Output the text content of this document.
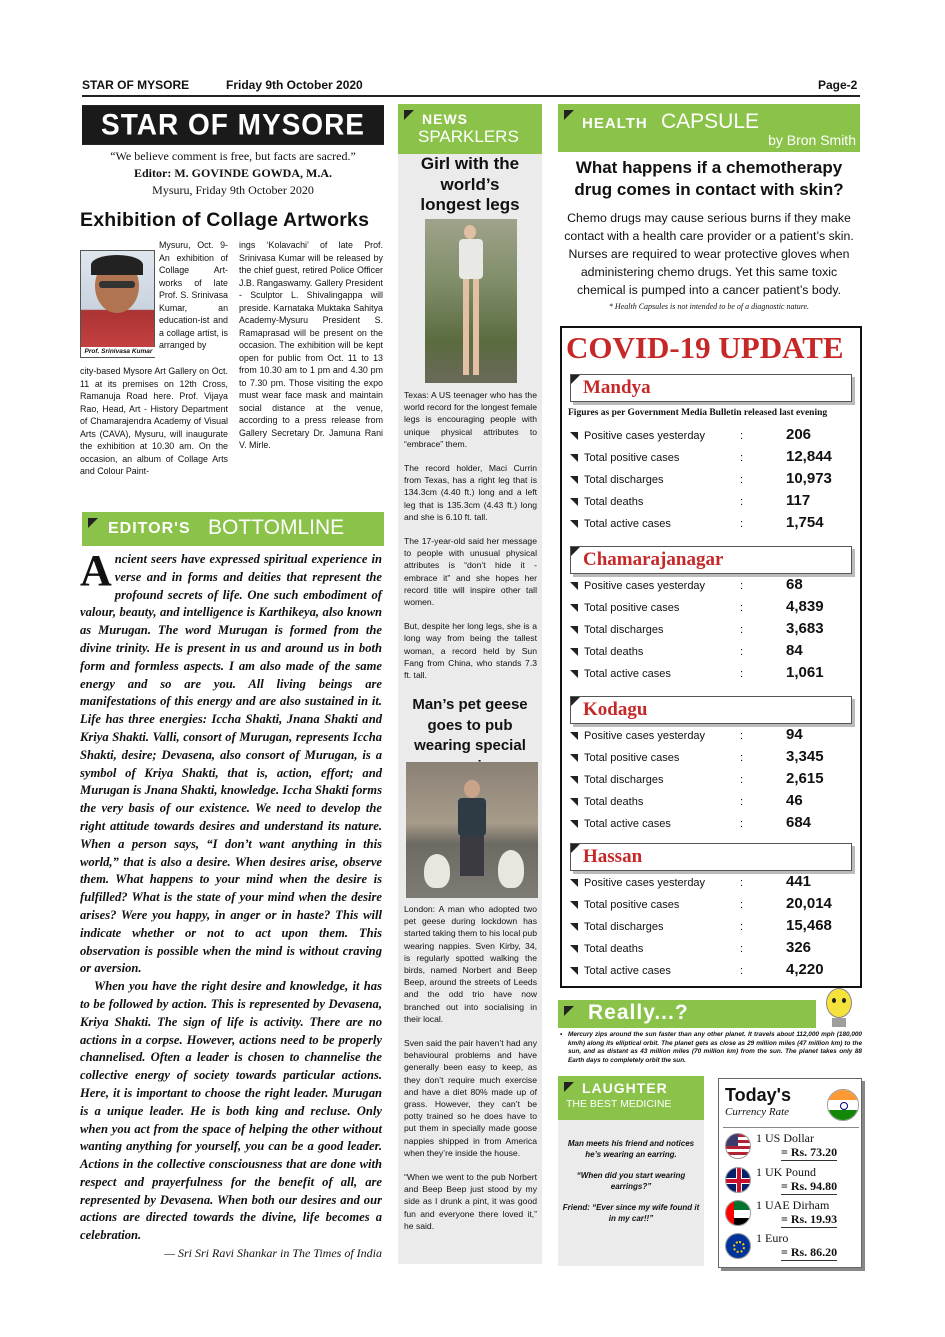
STAR OF MYSORE	Friday 9th October 2020	Page-2
STAR OF MYSORE
“We believe comment is free, but facts are sacred.”
Editor: M. GOVINDE GOWDA, M.A.
Mysuru, Friday 9th October 2020
Exhibition of Collage Artworks
Prof. Srinivasa Kumar
Mysuru, Oct. 9- An exhibition of Collage Art-works of late Prof. S. Srinivasa Kumar, an education-ist and a collage artist, is arranged by
city-based Mysore Art Gallery on Oct. 11 at its premises on 12th Cross, Ramanuja Road here. Prof. Vijaya Rao, Head, Art - History Department of Chamarajendra Academy of Visual Arts (CAVA), Mysuru, will inaugurate the exhibition at 10.30 am. On the occasion, an album of Collage Arts and Colour Paint-
ings ‘Kolavachi’ of late Prof. Srinivasa Kumar will be released by the chief guest, retired Police Officer J.B. Rangaswamy. Gallery President - Sculptor L. Shivalingappa will preside. Karnataka Muktaka Sahitya Academy-Mysuru President S. Ramaprasad will be present on the occasion. The exhibition will be kept open for public from Oct. 11 to 13 from 10.30 am to 1 pm and 4.30 pm to 7.30 pm. Those visiting the expo must wear face mask and maintain social distance at the venue, according to a press release from Gallery Secretary Dr. Jamuna Rani V. Mirle.
EDITOR'S BOTTOMLINE
Ancient seers have expressed spiritual experience in verse and in forms and deities that represent the profound secrets of life. One such embodiment of valour, beauty, and intelligence is Karthikeya, also known as Murugan. The word Murugan is formed from the divine trinity. He is present in us and around us in both form and formless aspects. I am also made of the same energy and so are you. All living beings are manifestations of this energy and are also sustained in it. Life has three energies: Iccha Shakti, Jnana Shakti and Kriya Shakti. Valli, consort of Murugan, represents Iccha Shakti, desire; Devasena, also consort of Murugan, is a symbol of Kriya Shakti, that is, action, effort; and Murugan is Jnana Shakti, knowledge. Iccha Shakti forms the very basis of our existence. We need to develop the right attitude towards desires and understand its nature. When a person says, “I don’t want anything in this world,” that is also a desire. When desires arise, observe them. What happens to your mind when the desire is fulfilled? What is the state of your mind when the desire arises? Were you happy, in anger or in haste? This will indicate whether or not to act upon them. This observation is possible when the mind is without craving or aversion.
When you have the right desire and knowledge, it has to be followed by action. This is represented by Devasena, Kriya Shakti. The sign of life is activity. There are no actions in a corpse. However, actions need to be properly channelised. Often a leader is chosen to channelise the collective energy of society towards particular actions. Here, it is important to choose the right leader. Murugan is a unique leader. He is both king and recluse. Only when you act from the space of helping the other without wanting anything for yourself, you can be a good leader. Actions in the collective consciousness that are done with respect and prayerfulness for the benefit of all, are represented by Devasena. When both our desires and our actions are directed towards the divine, life becomes a celebration.
— Sri Sri Ravi Shankar in The Times of India
NEWS
SPARKLERS
Girl with the world’s longest legs
Texas: A US teenager who has the world record for the longest female legs is encouraging people with unique physical attributes to “embrace” them.
The record holder, Maci Currin from Texas, has a right leg that is 134.3cm (4.40 ft.) long and a left leg that is 135.3cm (4.43 ft.) long and she is 6.10 ft. tall.
The 17-year-old said her message to people with unusual physical attributes is “don’t hide it - embrace it” and she hopes her record title will inspire other tall women.
But, despite her long legs, she is a long way from being the tallest woman, a record held by Sun Fang from China, who stands 7.3 ft. tall.
Man’s pet geese goes to pub wearing special
London: A man who adopted two pet geese during lockdown has started taking them to his local pub wearing nappies. Sven Kirby, 34, is regularly spotted walking the birds, named Norbert and Beep Beep, around the streets of Leeds and the odd trio have now branched out into socialising in their local.
Sven said the pair haven’t had any behavioural problems and have generally been easy to keep, as they don’t require much exercise and have a diet 80% made up of grass. However, they can’t be potty trained so he does have to put them in specially made goose nappies shipped in from America when they’re inside the house.
“When we went to the pub Norbert and Beep Beep just stood by my side as I drunk a pint, it was good fun and everyone there loved it,” he said.
HEALTH CAPSULE
by Bron Smith
What happens if a chemotherapy drug comes in contact with skin?
Chemo drugs may cause serious burns if they make contact with a health care provider or a patient’s skin. Nurses are required to wear protective gloves when administering chemo drugs. Yet this same toxic chemical is pumped into a cancer patient’s body.
* Health Capsules is not intended to be of a diagnostic nature.
COVID-19 UPDATE
Mandya
Figures as per Government Media Bulletin released last evening
Positive cases yesterday	:	206
Total positive cases	:	12,844
Total discharges	:	10,973
Total deaths	:	117
Total active cases	:	1,754
Chamarajanagar
Positive cases yesterday	:	68
Total positive cases	:	4,839
Total discharges	:	3,683
Total deaths	:	84
Total active cases	:	1,061
Kodagu
Positive cases yesterday	:	94
Total positive cases	:	3,345
Total discharges	:	2,615
Total deaths	:	46
Total active cases	:	684
Hassan
Positive cases yesterday	:	441
Total positive cases	:	20,014
Total discharges	:	15,468
Total deaths	:	326
Total active cases	:	4,220
Really...?
• Mercury zips around the sun faster than any other planet. It travels about 112,000 mph (180,000 km/h) along its elliptical orbit. The planet gets as close as 29 million miles (47 million km) to the sun, and as distant as 43 million miles (70 million km) from the sun. The planet takes only 88 Earth days to completely orbit the sun.
LAUGHTER
THE BEST MEDICINE
Man meets his friend and notices he’s wearing an earring.
“When did you start wearing earrings?”
Friend: “Ever since my wife found it in my car!!”
Today's
Currency Rate
1 US Dollar
= Rs. 73.20
1 UK Pound
= Rs. 94.80
1 UAE Dirham
= Rs. 19.93
1 Euro
= Rs. 86.20
